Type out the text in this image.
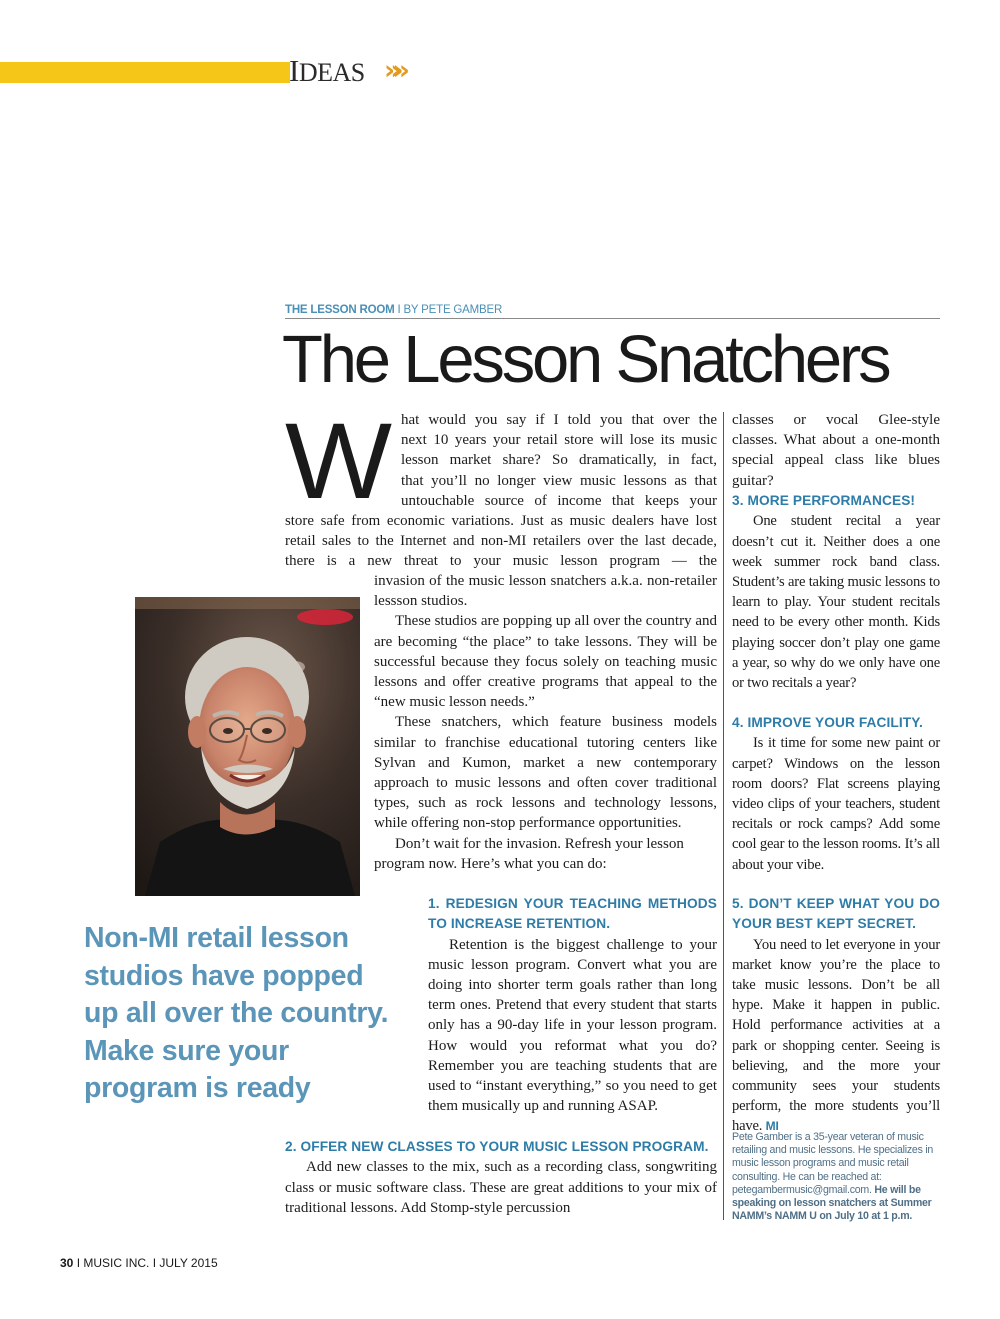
IDEAS »»
THE LESSON ROOM I BY PETE GAMBER
The Lesson Snatchers
W hat would you say if I told you that over the
next 10 years your retail store will lose its music
lesson market share? So dramatically, in fact,
that you’ll no longer view music lessons as that
untouchable source of income that keeps your

store safe from economic variations. Just as music dealers have lost retail sales to the Internet and non-MI retailers over the last decade, there is a new threat to your music lesson program — the

invasion of the music lesson snatchers a.k.a. non-retailer lessson studios.

These studios are popping up all over the country and are becoming “the place” to take lessons. They will be successful because they focus solely on teaching music lessons and offer creative programs that appeal to the “new music lesson needs.”

These snatchers, which feature business models similar to franchise educational tutoring centers like Sylvan and Kumon, market a new contemporary approach to music lessons and often cover traditional types, such as rock lessons and technology lessons, while offering non-stop performance opportunities.

Don’t wait for the invasion. Refresh your lesson program now. Here’s what you can do:

1. REDESIGN YOUR TEACHING METHODS TO INCREASE RETENTION.

Retention is the biggest challenge to your music lesson program. Convert what you are doing into shorter term goals rather than long term ones. Pretend that every student that starts only has a 90-day life in your lesson program. How would you reformat what you do? Remember you are teaching students that are used to “instant everything,” so you need to get them musically up and running ASAP.

2. OFFER NEW CLASSES TO YOUR MUSIC LESSON PROGRAM.

Add new classes to the mix, such as a recording class, songwriting class or music software class. These are great additions to your mix of traditional lessons. Add Stomp-style percussion

classes or vocal Glee-style classes. What about a one-month special appeal class like blues guitar?

3. MORE PERFORMANCES!

One student recital a year doesn’t cut it. Neither does a one week summer rock band class. Student’s are taking music lessons to learn to play. Your student recitals need to be every other month. Kids playing soccer don’t play one game a year, so why do we only have one or two recitals a year?

4. IMPROVE YOUR FACILITY.

Is it time for some new paint or carpet? Windows on the lesson room doors? Flat screens playing video clips of your teachers, student recitals or rock camps? Add some cool gear to the lesson rooms. It’s all about your vibe.

5. DON’T KEEP WHAT YOU DO YOUR BEST KEPT SECRET.

You need to let everyone in your market know you’re the place to take music lessons. Don’t be all hype. Make it happen in public. Hold performance activities at a park or shopping center. Seeing is believing, and the more your community sees your students perform, the more students you’ll have. MI

Non-MI retail lesson studios have popped up all over the country. Make sure your program is ready
Pete Gamber is a 35-year veteran of music retailing and music lessons. He specializes in music lesson programs and music retail consulting. He can be reached at: petegambermusic@gmail.com. He will be speaking on lesson snatchers at Summer NAMM’s NAMM U on July 10 at 1 p.m.
30 I MUSIC INC. I JULY 2015
